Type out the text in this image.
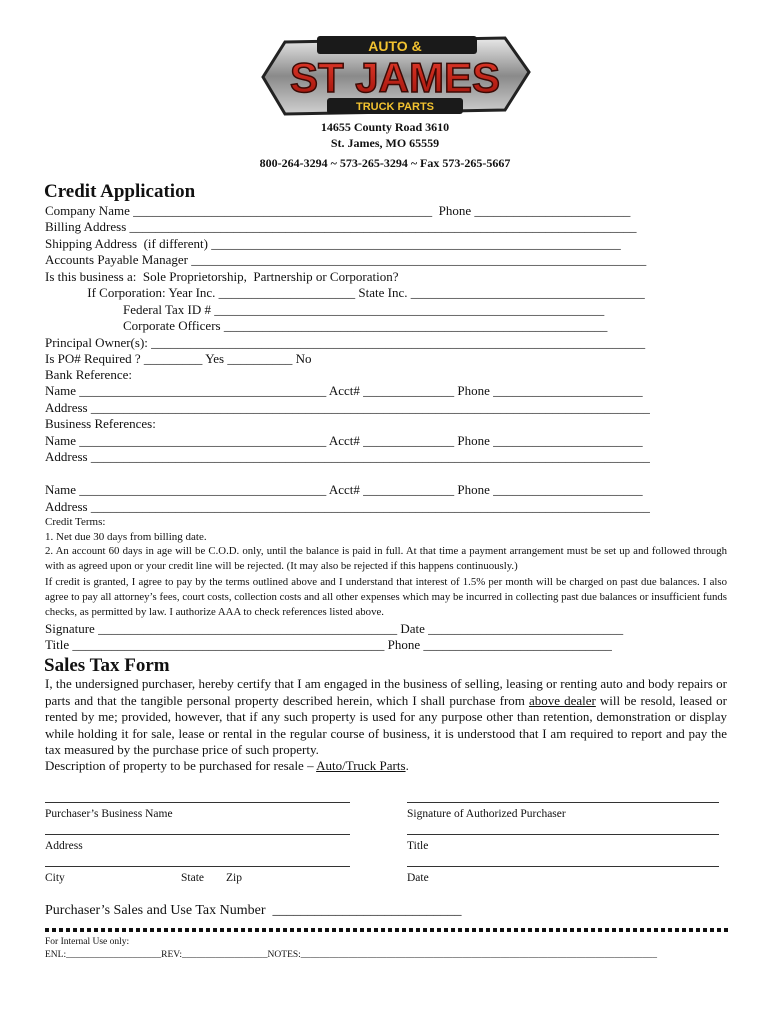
AUTO &
ST JAMES
TRUCK PARTS
14655 County Road 3610
St. James, MO 65559
800-264-3294 ~ 573-265-3294 ~ Fax 573-265-5667
Credit Application
Company Name ______________________________________________  Phone ________________________
Billing Address ______________________________________________________________________________
Shipping Address  (if different) _______________________________________________________________
Accounts Payable Manager ______________________________________________________________________
Is this business a:  Sole Proprietorship,  Partnership or Corporation?
If Corporation: Year Inc. _____________________ State Inc. ____________________________________
Federal Tax ID # ____________________________________________________________
Corporate Officers ___________________________________________________________
Principal Owner(s): ____________________________________________________________________________
Is PO# Required ? _________ Yes __________ No
Bank Reference:
Name ______________________________________ Acct# ______________ Phone _______________________
Address ______________________________________________________________________________________
Business References:
Name ______________________________________ Acct# ______________ Phone _______________________
Address ______________________________________________________________________________________
Name ______________________________________ Acct# ______________ Phone _______________________
Address ______________________________________________________________________________________
Credit Terms:
1. Net due 30 days from billing date.
2. An account 60 days in age will be C.O.D. only, until the balance is paid in full. At that time a payment arrangement must be set up and followed through with as agreed upon or your credit line will be rejected. (It may also be rejected if this happens continuously.)
If credit is granted, I agree to pay by the terms outlined above and I understand that interest of 1.5% per month will be charged on past due balances. I also agree to pay all attorney’s fees, court costs, collection costs and all other expenses which may be incurred in collecting past due balances or insufficient funds checks, as permitted by law. I authorize AAA to check references listed above.
Signature ______________________________________________ Date ______________________________
Title ________________________________________________ Phone _____________________________
Sales Tax Form
I, the undersigned purchaser, hereby certify that I am engaged in the business of selling, leasing or renting auto and body repairs or parts and that the tangible personal property described herein, which I shall purchase from above dealer will be resold, leased or rented by me; provided, however, that if any such property is used for any purpose other than retention, demonstration or display while holding it for sale, lease or rental in the regular course of business, it is understood that I am required to report and pay the tax measured by the purchase price of such property.
Description of property to be purchased for resale – Auto/Truck Parts.
Purchaser’s Business Name	Signature of Authorized Purchaser
Address	Title
City	State Zip	Date
Purchaser’s Sales and Use Tax Number  ___________________________
For Internal Use only:
ENL:____________________REV:__________________NOTES:___________________________________________________________________________
